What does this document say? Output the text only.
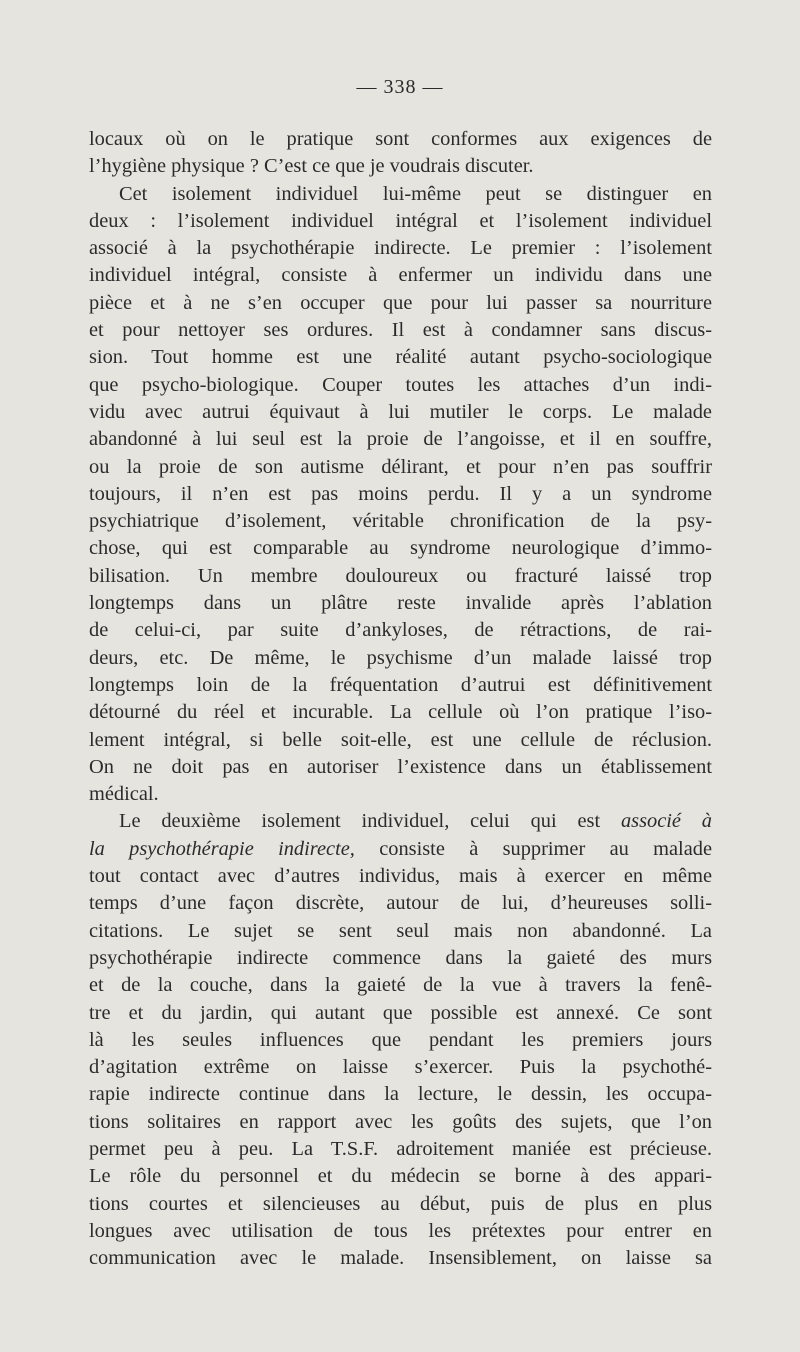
— 338 —
locaux où on le pratique sont conformes aux exigences de
l’hygiène physique ? C’est ce que je voudrais discuter.
Cet isolement individuel lui-même peut se distinguer en
deux : l’isolement individuel intégral et l’isolement individuel
associé à la psychothérapie indirecte. Le premier : l’isolement
individuel intégral, consiste à enfermer un individu dans une
pièce et à ne s’en occuper que pour lui passer sa nourriture
et pour nettoyer ses ordures. Il est à condamner sans discus-
sion. Tout homme est une réalité autant psycho-sociologique
que psycho-biologique. Couper toutes les attaches d’un indi-
vidu avec autrui équivaut à lui mutiler le corps. Le malade
abandonné à lui seul est la proie de l’angoisse, et il en souffre,
ou la proie de son autisme délirant, et pour n’en pas souffrir
toujours, il n’en est pas moins perdu. Il y a un syndrome
psychiatrique d’isolement, véritable chronification de la psy-
chose, qui est comparable au syndrome neurologique d’immo-
bilisation. Un membre douloureux ou fracturé laissé trop
longtemps dans un plâtre reste invalide après l’ablation
de celui-ci, par suite d’ankyloses, de rétractions, de rai-
deurs, etc. De même, le psychisme d’un malade laissé trop
longtemps loin de la fréquentation d’autrui est définitivement
détourné du réel et incurable. La cellule où l’on pratique l’iso-
lement intégral, si belle soit-elle, est une cellule de réclusion.
On ne doit pas en autoriser l’existence dans un établissement
médical.
Le deuxième isolement individuel, celui qui est associé à
la psychothérapie indirecte, consiste à supprimer au malade
tout contact avec d’autres individus, mais à exercer en même
temps d’une façon discrète, autour de lui, d’heureuses solli-
citations. Le sujet se sent seul mais non abandonné. La
psychothérapie indirecte commence dans la gaieté des murs
et de la couche, dans la gaieté de la vue à travers la fenê-
tre et du jardin, qui autant que possible est annexé. Ce sont
là les seules influences que pendant les premiers jours
d’agitation extrême on laisse s’exercer. Puis la psychothé-
rapie indirecte continue dans la lecture, le dessin, les occupa-
tions solitaires en rapport avec les goûts des sujets, que l’on
permet peu à peu. La T.S.F. adroitement maniée est précieuse.
Le rôle du personnel et du médecin se borne à des appari-
tions courtes et silencieuses au début, puis de plus en plus
longues avec utilisation de tous les prétextes pour entrer en
communication avec le malade. Insensiblement, on laisse sa
